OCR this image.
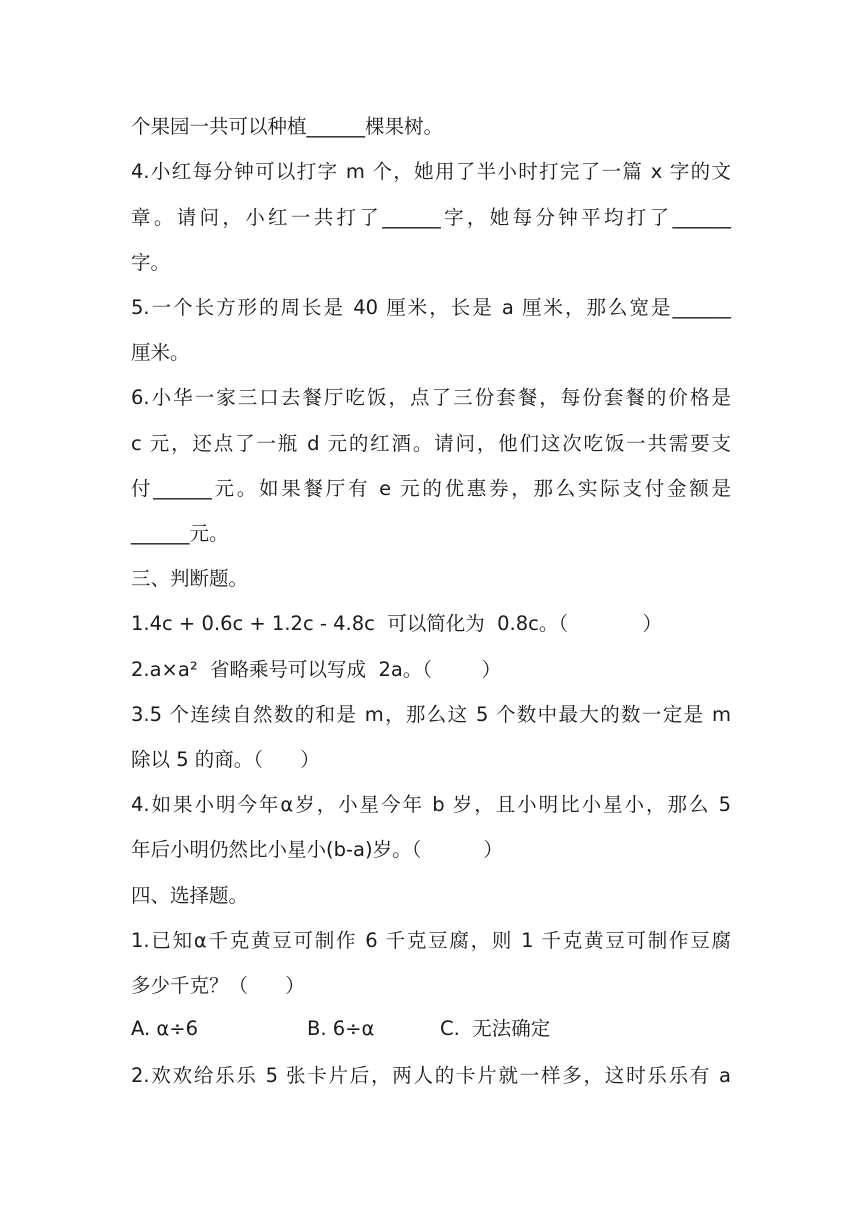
个果园一共可以种植______棵果树。
4.小红每分钟可以打字 m 个，她用了半小时打完了一篇 x 字的文
章。请问，小红一共打了______字，她每分钟平均打了______
字。
5.一个长方形的周长是 40 厘米，长是 a 厘米，那么宽是______
厘米。
6.小华一家三口去餐厅吃饭，点了三份套餐，每份套餐的价格是
c 元，还点了一瓶 d 元的红酒。请问，他们这次吃饭一共需要支
付______元。如果餐厅有 e 元的优惠券，那么实际支付金额是
______元。
三、判断题。
1.4c + 0.6c + 1.2c - 4.8c  可以简化为  0.8c。（            ）
2.a×a²  省略乘号可以写成  2a。（        ）
3.5 个连续自然数的和是 m，那么这 5 个数中最大的数一定是 m
除以 5 的商。（      ）
4.如果小明今年α岁，小星今年 b 岁，且小明比小星小，那么 5
年后小明仍然比小星小(b-a)岁。（          ）
四、选择题。
1.已知α千克黄豆可制作 6 千克豆腐，则 1 千克黄豆可制作豆腐
多少千克？（      ）
A. α÷6	B. 6÷α	C.  无法确定
2.欢欢给乐乐 5 张卡片后，两人的卡片就一样多，这时乐乐有 a
